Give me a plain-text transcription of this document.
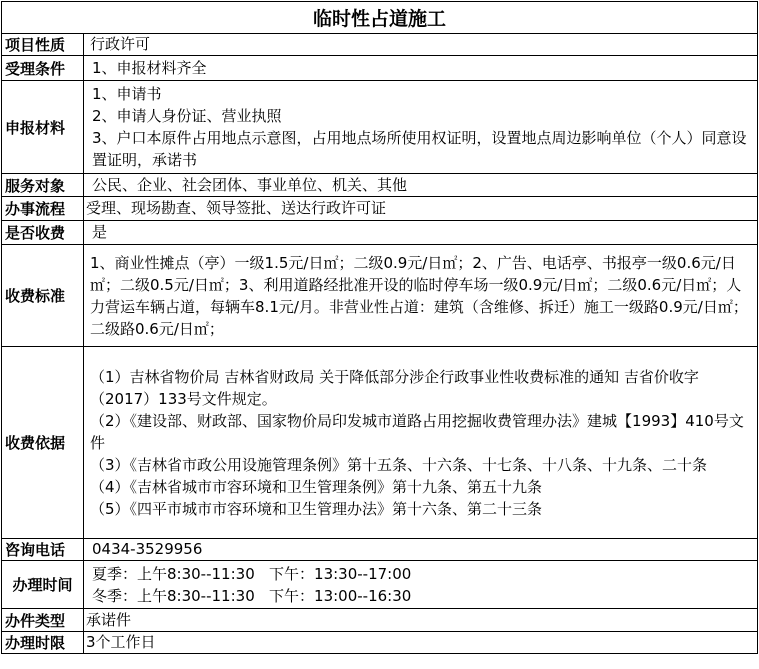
临时性占道施工	
项目性质	行政许可
受理条件	1、申报材料齐全
申报材料	1、申请书
2、申请人身份证、营业执照
3、户口本原件占用地点示意图，占用地点场所使用权证明，设置地点周边影响单位（个人）同意设置证明，承诺书

服务对象	公民、企业、社会团体、事业单位、机关、其他
办事流程	受理、现场勘查、领导签批、送达行政许可证
是否收费	是
收费标准	1、商业性摊点（亭）一级1.5元/日㎡；二级0.9元/日㎡；2、广告、电话亭、书报亭一级0.6元/日㎡；二级0.5元/日㎡；3、利用道路经批准开设的临时停车场一级0.9元/日㎡；二级0.6元/日㎡；人力营运车辆占道，每辆车8.1元/月。非营业性占道：建筑（含维修、拆迁）施工一级路0.9元/日㎡；二级路0.6元/日㎡；
收费依据	（1）吉林省物价局 吉林省财政局 关于降低部分涉企行政事业性收费标准的通知 吉省价收字（2017）133号文件规定。
（2）《建设部、财政部、国家物价局印发城市道路占用挖掘收费管理办法》建城【1993】410号文件
（3）《吉林省市政公用设施管理条例》第十五条、十六条、十七条、十八条、十九条、二十条
（4）《吉林省城市市容环境和卫生管理条例》第十九条、第五十九条
（5）《四平市城市市容环境和卫生管理办法》第十六条、第二十三条

咨询电话	0434-3529956
办理时间	夏季：上午8:30--11:30   下午：13:30--17:00
冬季：上午8:30--11:30   下午：13:00--16:30

办件类型	承诺件
办理时限	3个工作日
